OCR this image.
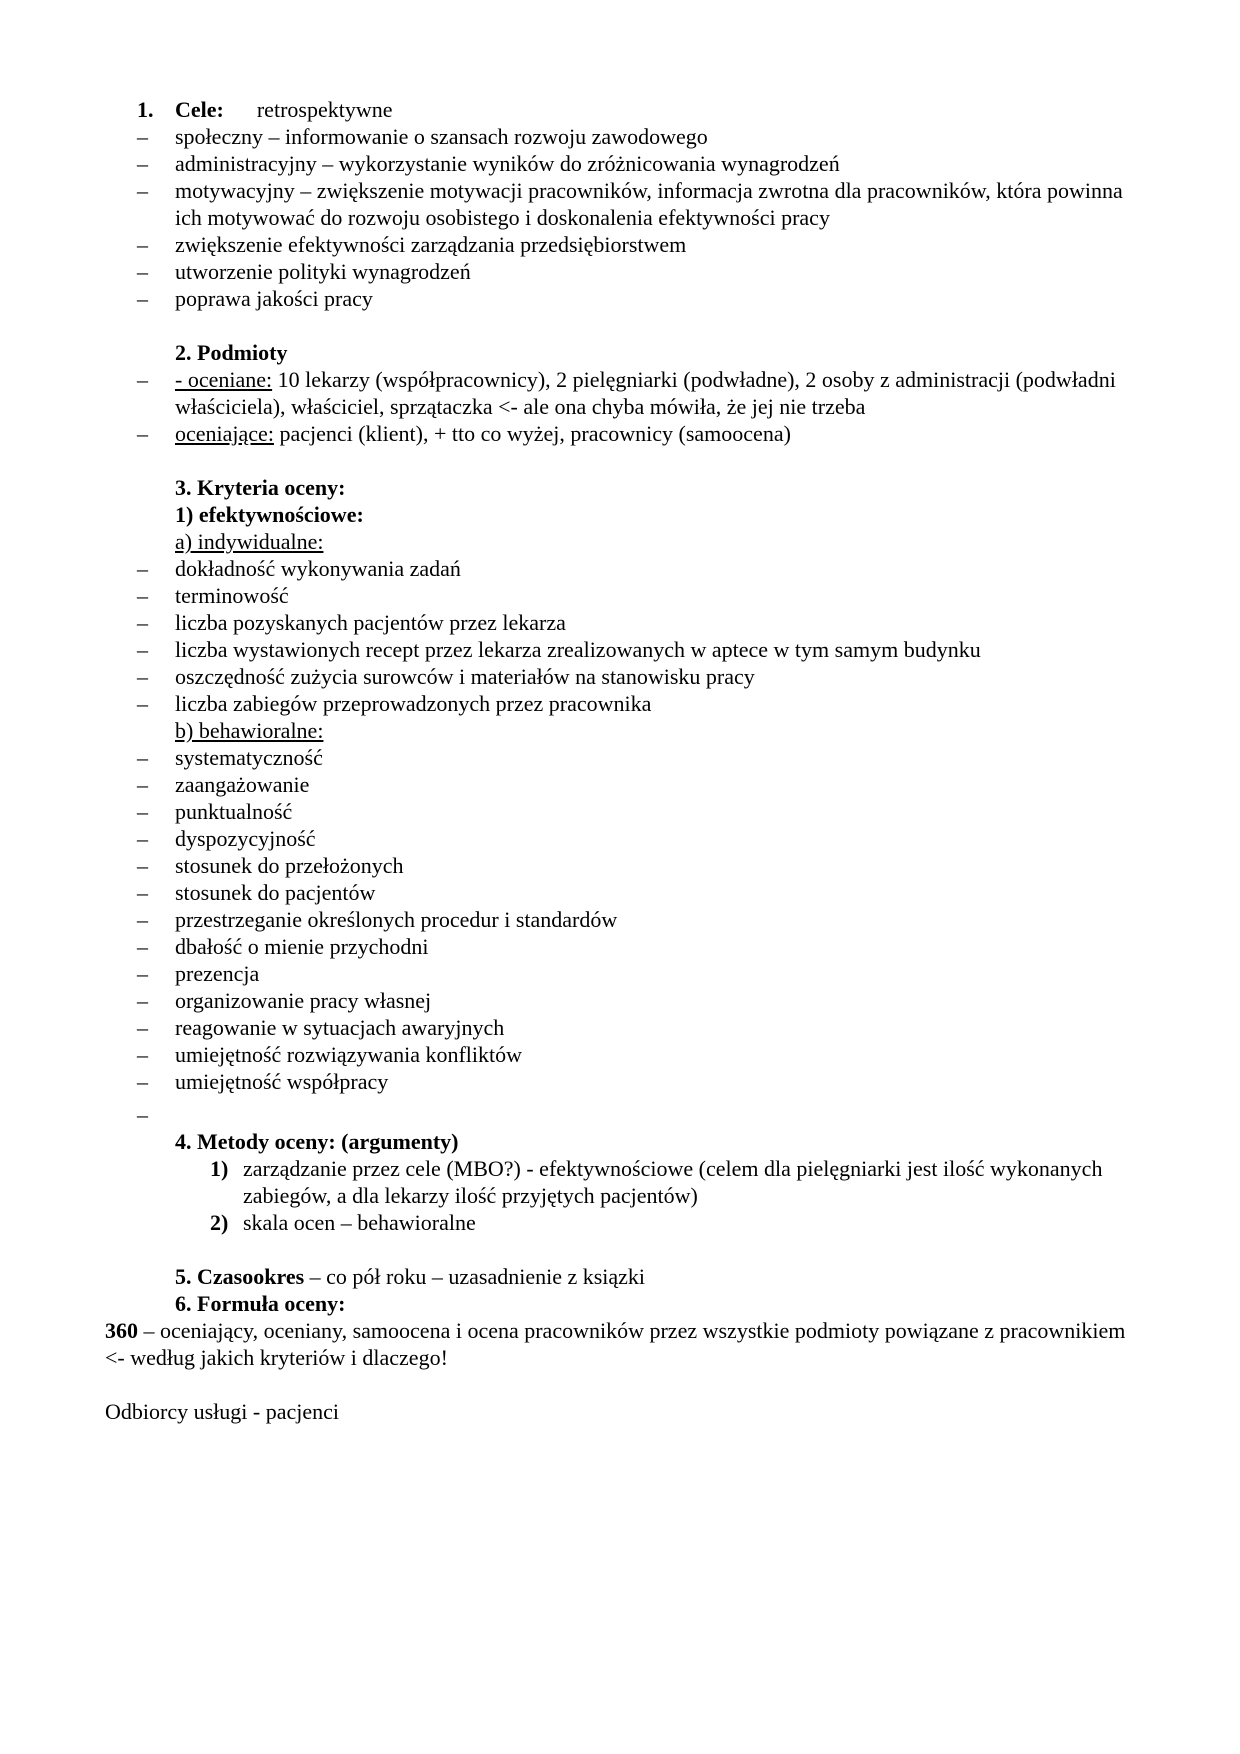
1. Cele:      retrospektywne
–	społeczny – informowanie o szansach rozwoju zawodowego
–	administracyjny – wykorzystanie wyników do zróżnicowania wynagrodzeń
–	motywacyjny – zwiększenie motywacji pracowników, informacja zwrotna dla pracowników, która powinna ich motywować do rozwoju osobistego i doskonalenia efektywności pracy
–	zwiększenie efektywności zarządzania przedsiębiorstwem
–	utworzenie polityki wynagrodzeń
–	poprawa jakości pracy
2. Podmioty
–	- oceniane: 10 lekarzy (współpracownicy), 2 pielęgniarki (podwładne), 2 osoby z administracji (podwładni właściciela), właściciel, sprzątaczka <- ale ona chyba mówiła, że jej nie trzeba
–	oceniające: pacjenci (klient), + tto co wyżej, pracownicy (samoocena)
3. Kryteria oceny:
1) efektywnościowe:
a) indywidualne:
–	dokładność wykonywania zadań
–	terminowość
–	liczba pozyskanych pacjentów przez lekarza
–	liczba wystawionych recept przez lekarza zrealizowanych w aptece w tym samym budynku
–	oszczędność zużycia surowców i materiałów na stanowisku pracy
–	liczba zabiegów przeprowadzonych przez pracownika
b) behawioralne:
–	systematyczność
–	zaangażowanie
–	punktualność
–	dyspozycyjność
–	stosunek do przełożonych
–	stosunek do pacjentów
–	przestrzeganie określonych procedur i standardów
–	dbałość o mienie przychodni
–	prezencja
–	organizowanie pracy własnej
–	reagowanie w sytuacjach awaryjnych
–	umiejętność rozwiązywania konfliktów
–	umiejętność współpracy
–
4. Metody oceny: (argumenty)
1) zarządzanie przez cele (MBO?) - efektywnościowe (celem dla pielęgniarki jest ilość wykonanych zabiegów, a dla lekarzy ilość przyjętych pacjentów)
2) skala ocen – behawioralne
5. Czasookres – co pół roku – uzasadnienie z ksiązki
6. Formuła oceny:
360 – oceniający, oceniany, samoocena i ocena pracowników przez wszystkie podmioty powiązane z pracownikiem  <- według jakich kryteriów i dlaczego!
Odbiorcy usługi - pacjenci
